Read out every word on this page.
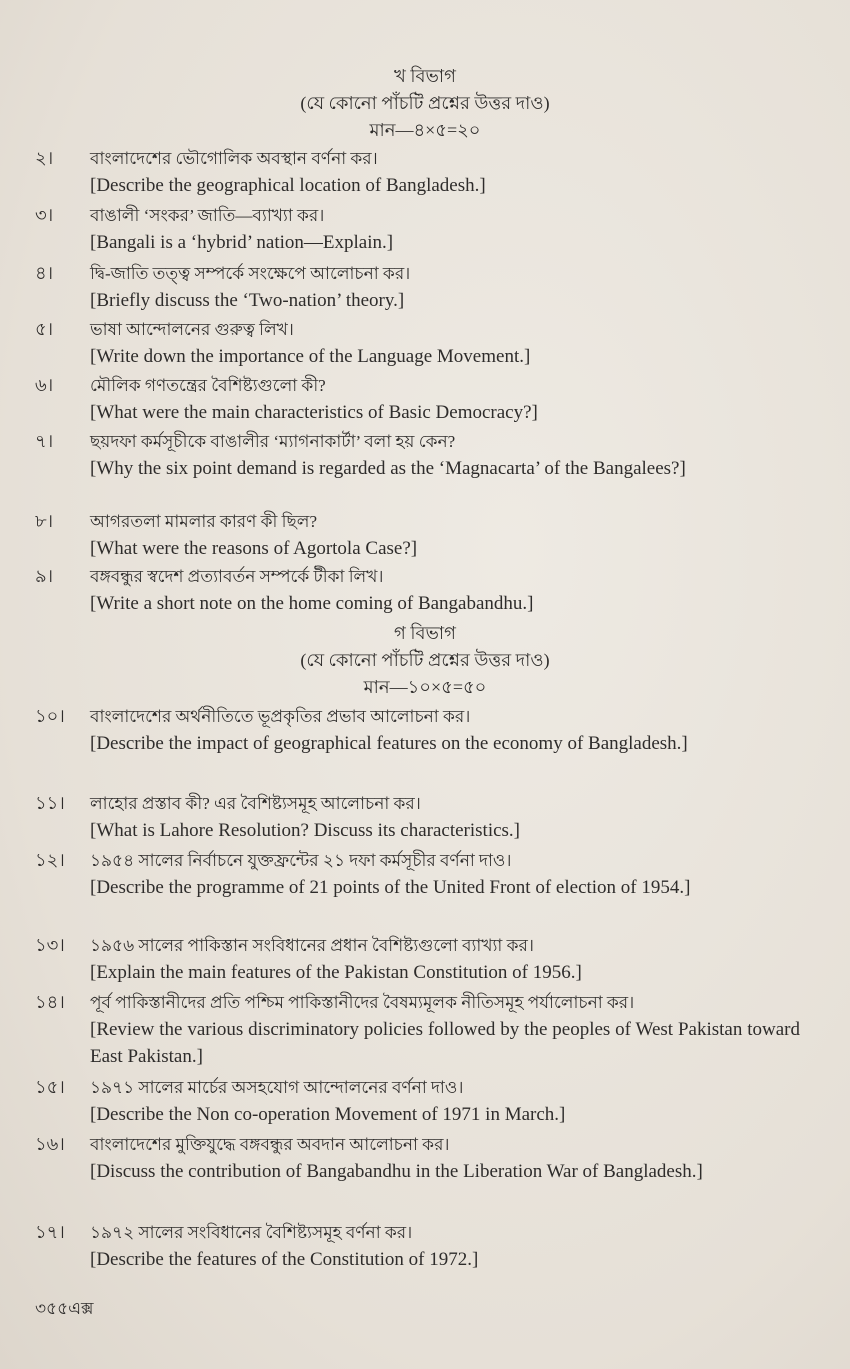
খ বিভাগ
(যে কোনো পাঁচটি প্রশ্নের উত্তর দাও)
মান—৪×৫=২০
২।	বাংলাদেশের ভৌগোলিক অবস্থান বর্ণনা কর।
[Describe the geographical location of Bangladesh.]
৩।	বাঙালী ‘সংকর’ জাতি—ব্যাখ্যা কর।
[Bangali is a ‘hybrid’ nation—Explain.]
৪।	দ্বি-জাতি তত্ত্ব সম্পর্কে সংক্ষেপে আলোচনা কর।
[Briefly discuss the ‘Two-nation’ theory.]
৫।	ভাষা আন্দোলনের গুরুত্ব লিখ।
[Write down the importance of the Language Movement.]
৬।	মৌলিক গণতন্ত্রের বৈশিষ্ট্যগুলো কী?
[What were the main characteristics of Basic Democracy?]
৭।	ছয়দফা কর্মসূচীকে বাঙালীর ‘ম্যাগনাকার্টা’ বলা হয় কেন?
[Why the six point demand is regarded as the ‘Magnacarta’ of the Bangalees?]
৮।	আগরতলা মামলার কারণ কী ছিল?
[What were the reasons of Agortola Case?]
৯।	বঙ্গবন্ধুর স্বদেশ প্রত্যাবর্তন সম্পর্কে টীকা লিখ।
[Write a short note on the home coming of Bangabandhu.]
গ বিভাগ
(যে কোনো পাঁচটি প্রশ্নের উত্তর দাও)
মান—১০×৫=৫০
১০।	বাংলাদেশের অর্থনীতিতে ভূপ্রকৃতির প্রভাব আলোচনা কর।
[Describe the impact of geographical features on the economy of Bangladesh.]
১১।	লাহোর প্রস্তাব কী? এর বৈশিষ্ট্যসমূহ আলোচনা কর।
[What is Lahore Resolution? Discuss its characteristics.]
১২।	১৯৫৪ সালের নির্বাচনে যুক্তফ্রন্টের ২১ দফা কর্মসূচীর বর্ণনা দাও।
[Describe the programme of 21 points of the United Front of election of 1954.]
১৩।	১৯৫৬ সালের পাকিস্তান সংবিধানের প্রধান বৈশিষ্ট্যগুলো ব্যাখ্যা কর।
[Explain the main features of the Pakistan Constitution of 1956.]
১৪।	পূর্ব পাকিস্তানীদের প্রতি পশ্চিম পাকিস্তানীদের বৈষম্যমূলক নীতিসমূহ পর্যালোচনা কর।
[Review the various discriminatory policies followed by the peoples of West Pakistan toward East Pakistan.]
১৫।	১৯৭১ সালের মার্চের অসহযোগ আন্দোলনের বর্ণনা দাও।
[Describe the Non co-operation Movement of 1971 in March.]
১৬।	বাংলাদেশের মুক্তিযুদ্ধে বঙ্গবন্ধুর অবদান আলোচনা কর।
[Discuss the contribution of Bangabandhu in the Liberation War of Bangladesh.]
১৭।	১৯৭২ সালের সংবিধানের বৈশিষ্ট্যসমূহ বর্ণনা কর।
[Describe the features of the Constitution of 1972.]
৩৫৫এক্স
